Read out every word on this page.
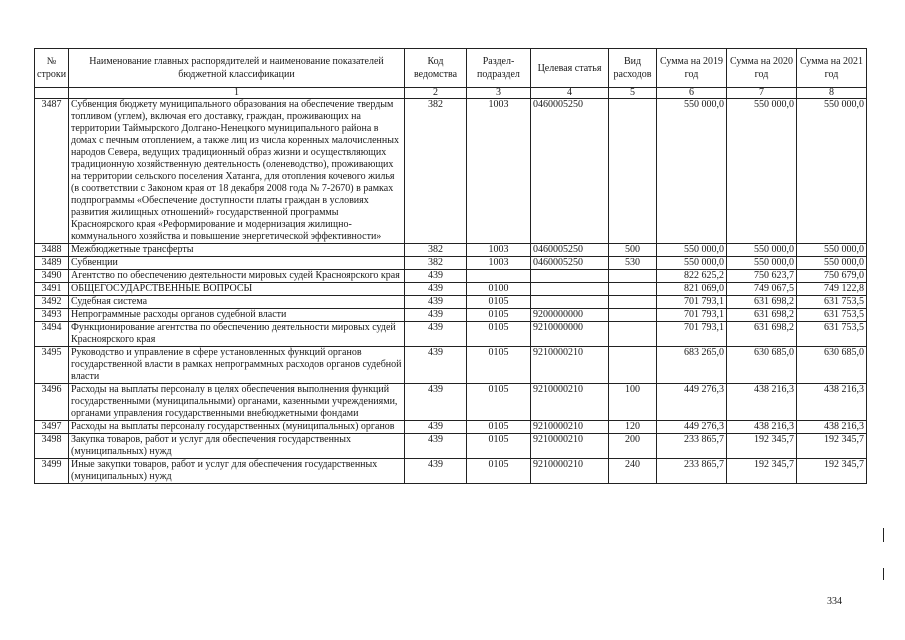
№ строки	Наименование главных распорядителей и наименование показателей бюджетной классификации	Код ведомства	Раздел-подраздел	Целевая статья	Вид расходов	Сумма на 2019 год	Сумма на 2020 год	Сумма на 2021 год
	1	2	3	4	5	6	7	8
3487	Субвенция бюджету муниципального образования на обеспечение твердым топливом (углем), включая его доставку, граждан, проживающих на территории Таймырского Долгано-Ненецкого муниципального района в домах с печным отоплением, а также лиц из числа коренных малочисленных народов Севера, ведущих традиционный образ жизни и осуществляющих традиционную хозяйственную деятельность (оленеводство), проживающих на территории сельского поселения Хатанга, для отопления кочевого жилья (в соответствии с Законом края от 18 декабря 2008 года № 7-2670) в рамках подпрограммы «Обеспечение доступности платы граждан в условиях развития жилищных отношений» государственной программы Красноярского края «Реформирование и модернизация жилищно-коммунального хозяйства и повышение энергетической эффективности»	382	1003	0460005250		550 000,0	550 000,0	550 000,0
3488	Межбюджетные трансферты	382	1003	0460005250	500	550 000,0	550 000,0	550 000,0
3489	Субвенции	382	1003	0460005250	530	550 000,0	550 000,0	550 000,0
3490	Агентство по обеспечению деятельности мировых судей Красноярского края	439				822 625,2	750 623,7	750 679,0
3491	ОБЩЕГОСУДАРСТВЕННЫЕ ВОПРОСЫ	439	0100			821 069,0	749 067,5	749 122,8
3492	Судебная система	439	0105			701 793,1	631 698,2	631 753,5
3493	Непрограммные расходы органов судебной власти	439	0105	9200000000		701 793,1	631 698,2	631 753,5
3494	Функционирование агентства по обеспечению деятельности мировых судей Красноярского края	439	0105	9210000000		701 793,1	631 698,2	631 753,5
3495	Руководство и управление в сфере установленных функций органов государственной власти в рамках непрограммных расходов органов судебной власти	439	0105	9210000210		683 265,0	630 685,0	630 685,0
3496	Расходы на выплаты персоналу в целях обеспечения выполнения функций государственными (муниципальными) органами, казенными учреждениями, органами управления государственными внебюджетными фондами	439	0105	9210000210	100	449 276,3	438 216,3	438 216,3
3497	Расходы на выплаты персоналу государственных (муниципальных) органов	439	0105	9210000210	120	449 276,3	438 216,3	438 216,3
3498	Закупка товаров, работ и услуг для обеспечения государственных (муниципальных) нужд	439	0105	9210000210	200	233 865,7	192 345,7	192 345,7
3499	Иные закупки товаров, работ и услуг для обеспечения государственных (муниципальных) нужд	439	0105	9210000210	240	233 865,7	192 345,7	192 345,7
334
